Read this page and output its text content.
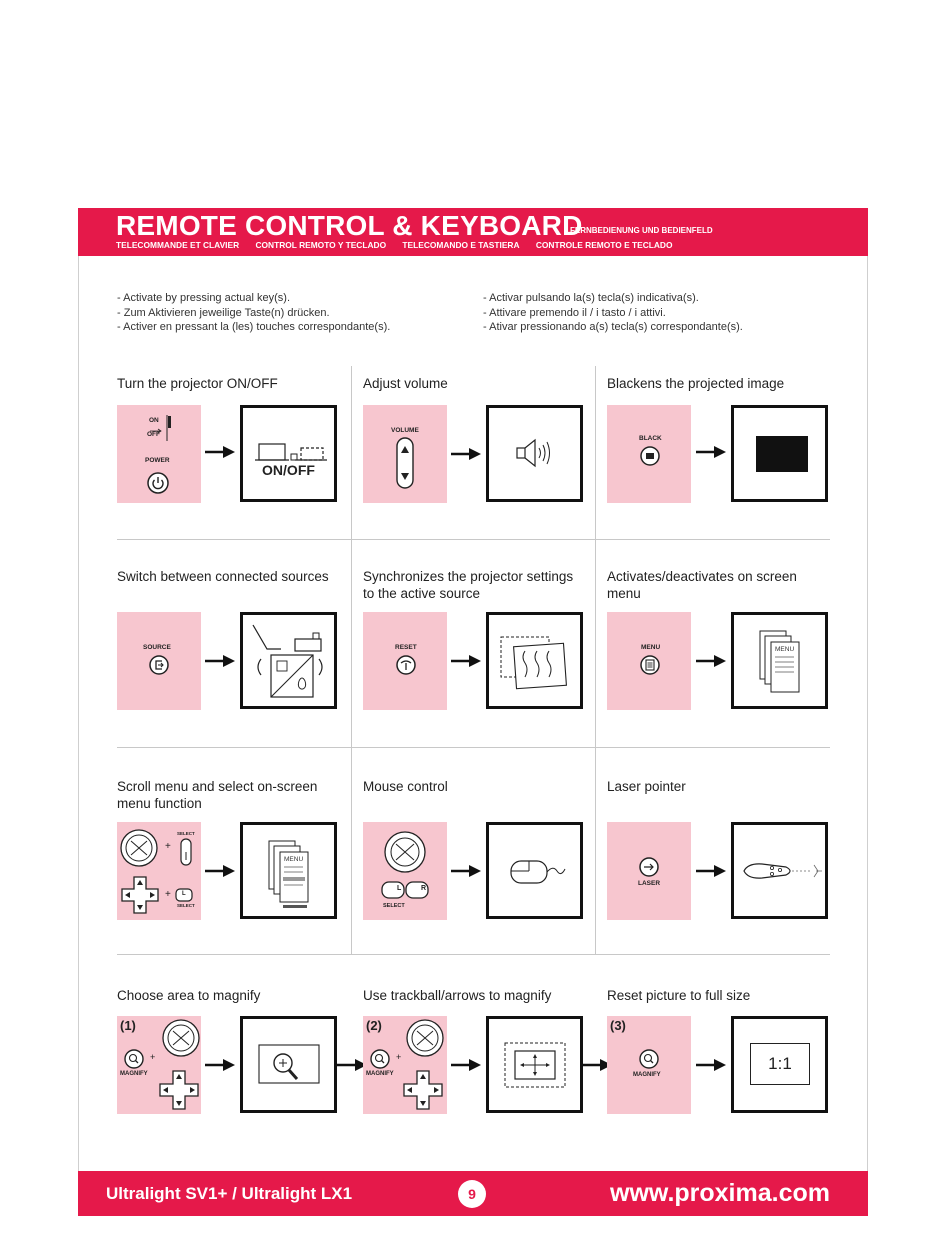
REMOTE CONTROL & KEYBOARD
FERNBEDIENUNG UND BEDIENFELD
TELECOMMANDE ET CLAVIER CONTROL REMOTO Y TECLADO TELECOMANDO E TASTIERA CONTROLE REMOTO E TECLADO
- Activate by pressing actual key(s).
- Zum Aktivieren jeweilige Taste(n) drücken.
- Activer en pressant la (les) touches correspondante(s).
- Activar pulsando la(s) tecla(s) indicativa(s).
- Attivare premendo il / i tasto / i attivi.
- Ativar pressionando a(s) tecla(s) correspondante(s).
Turn the projector ON/OFF
ON
OFF
POWER
ON/OFF
Adjust volume
VOLUME
Blackens the projected image
BLACK
Switch between connected sources
SOURCE
Synchronizes the projector settings to the active source
RESET
Activates/deactivates on screen menu
MENU	MENU
Scroll menu and select on-screen menu function
+
SELECT
+ L
SELECT
MENU
Mouse control
L	R
SELECT
Laser pointer
LASER
Choose area to magnify
(1)
+
MAGNIFY
Use trackball/arrows to magnify
(2)
+
MAGNIFY
Reset picture to full size
(3)
MAGNIFY
1:1
Ultralight SV1+ / Ultralight LX1	9	www.proxima.com
